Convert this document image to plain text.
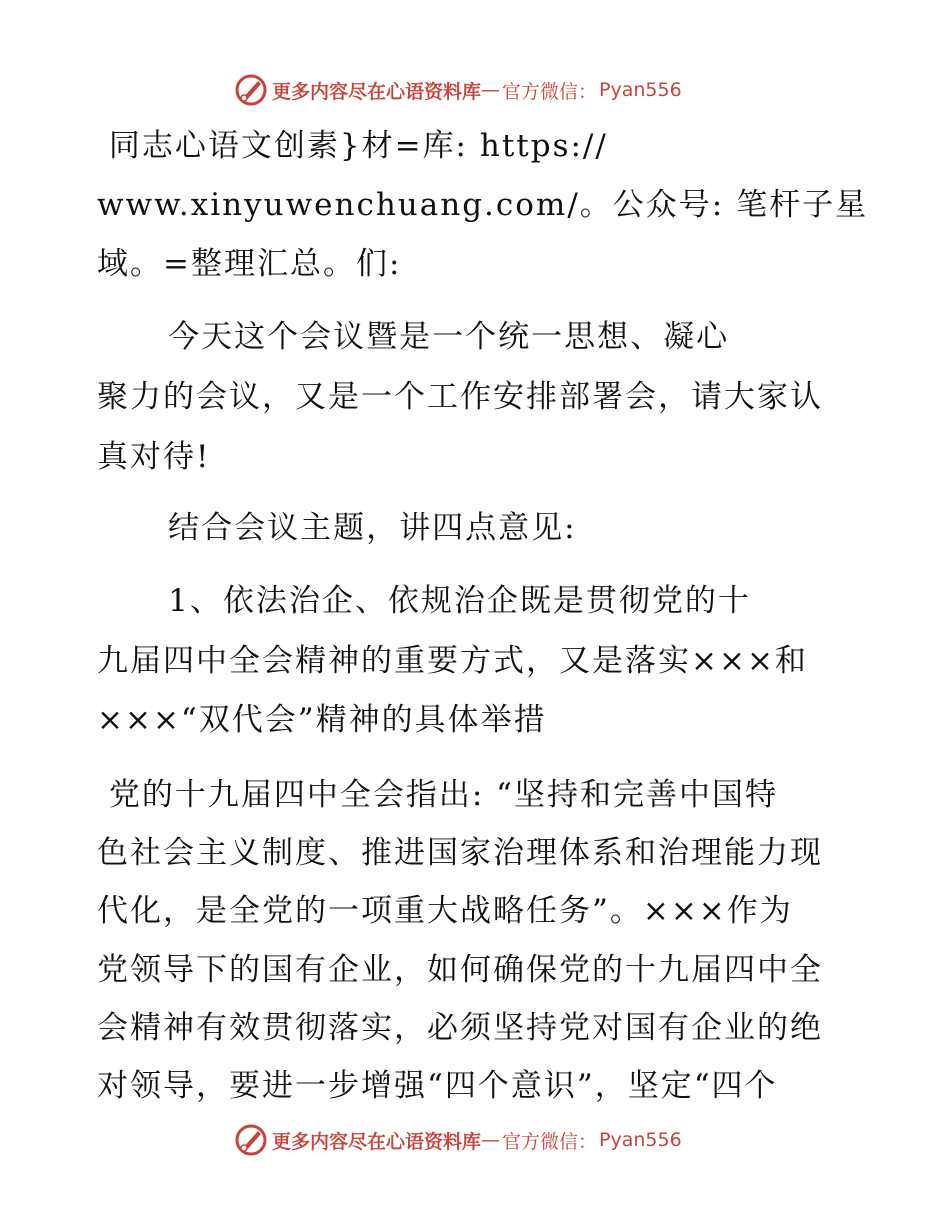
更多内容尽在心语资料库 — 官方微信： Pyan556
同志心语文创素}材=库: https://
www.xinyuwenchuang.com/。公众号: 笔杆子星
域。=整理汇总。们:
今天这个会议暨是一个统一思想、凝心
聚力的会议，又是一个工作安排部署会，请大家认
真对待!
结合会议主题，讲四点意见:
1、依法治企、依规治企既是贯彻党的十
九届四中全会精神的重要方式，又是落实×××和
×××“双代会”精神的具体举措
党的十九届四中全会指出: “坚持和完善中国特
色社会主义制度、推进国家治理体系和治理能力现
代化，是全党的一项重大战略任务”。×××作为
党领导下的国有企业，如何确保党的十九届四中全
会精神有效贯彻落实，必须坚持党对国有企业的绝
对领导，要进一步增强“四个意识”，坚定“四个
更多内容尽在心语资料库 — 官方微信： Pyan556
